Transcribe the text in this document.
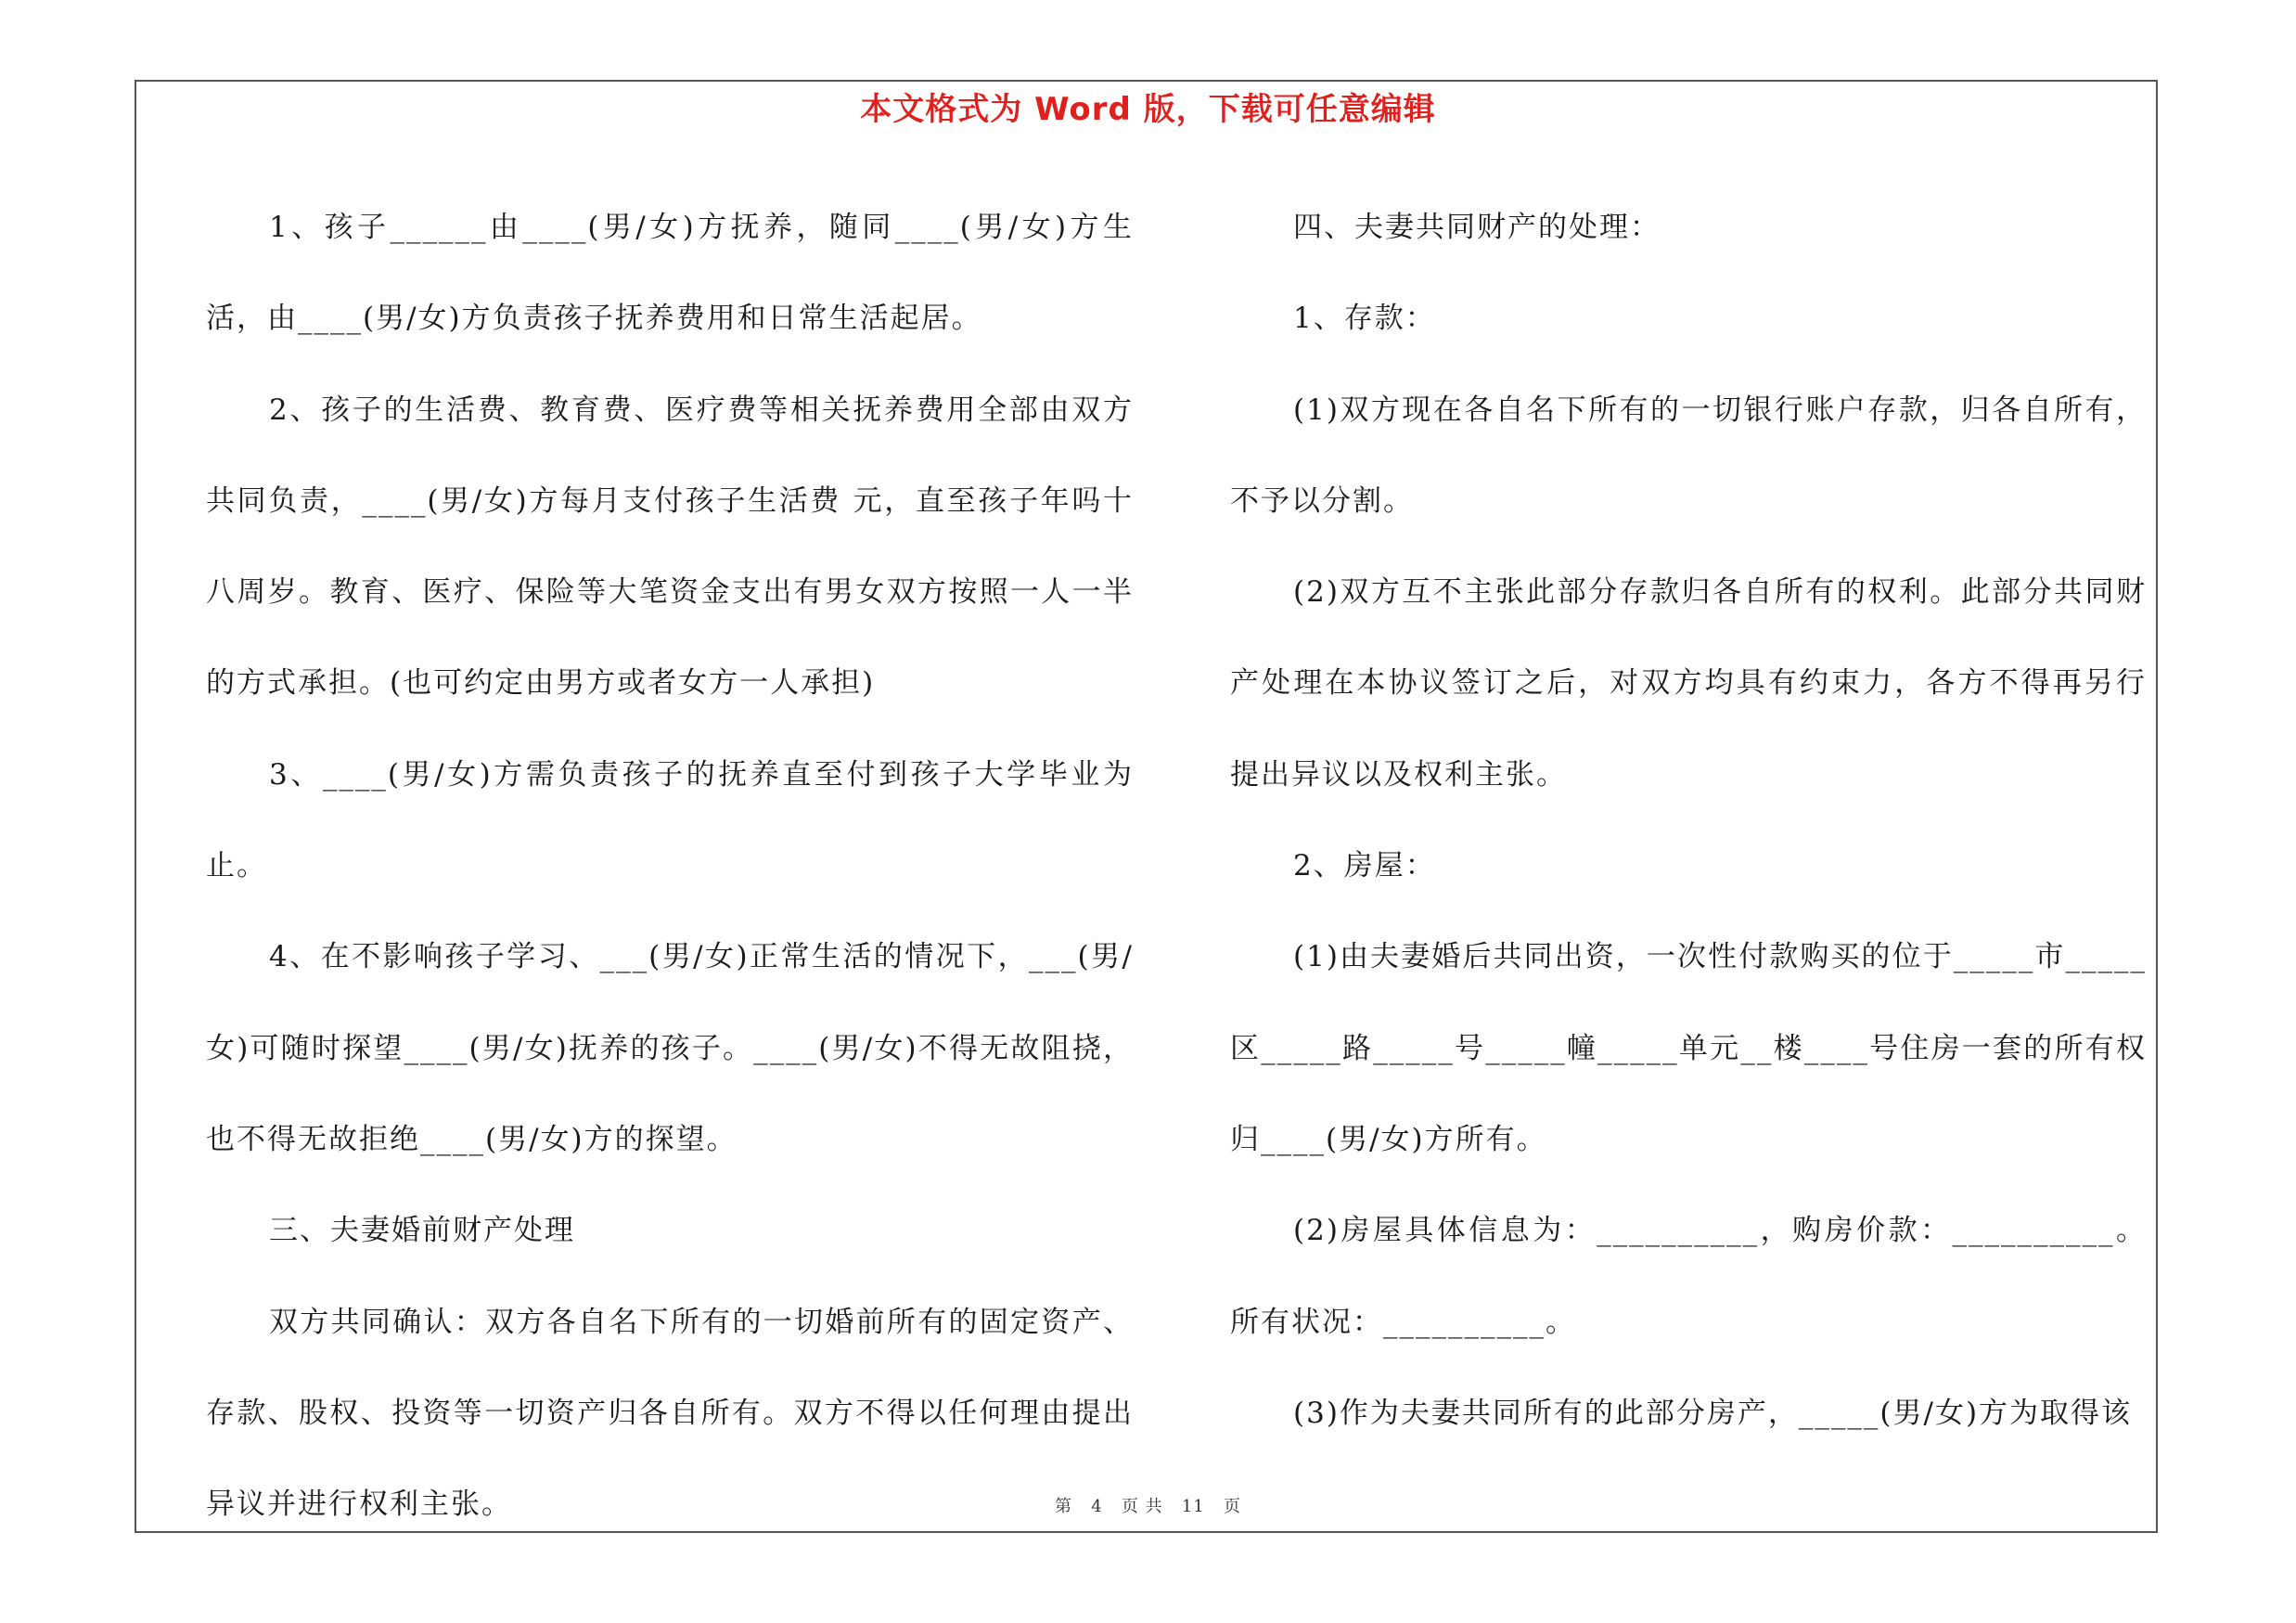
本文格式为 Word 版，下载可任意编辑

1、孩子______由____(男/女)方抚养，随同____(男/女)方生活，由____(男/女)方负责孩子抚养费用和日常生活起居。

2、孩子的生活费、教育费、医疗费等相关抚养费用全部由双方共同负责，____(男/女)方每月支付孩子生活费 元，直至孩子年吗十八周岁。教育、医疗、保险等大笔资金支出有男女双方按照一人一半的方式承担。(也可约定由男方或者女方一人承担)

3、____(男/女)方需负责孩子的抚养直至付到孩子大学毕业为止。

4、在不影响孩子学习、___(男/女)正常生活的情况下，___(男/女)可随时探望____(男/女)抚养的孩子。____(男/女)不得无故阻挠，也不得无故拒绝____(男/女)方的探望。

三、夫妻婚前财产处理

双方共同确认：双方各自名下所有的一切婚前所有的固定资产、存款、股权、投资等一切资产归各自所有。双方不得以任何理由提出异议并进行权利主张。

四、夫妻共同财产的处理：

1、存款：

(1)双方现在各自名下所有的一切银行账户存款，归各自所有，不予以分割。

(2)双方互不主张此部分存款归各自所有的权利。此部分共同财产处理在本协议签订之后，对双方均具有约束力，各方不得再另行提出异议以及权利主张。

2、房屋：

(1)由夫妻婚后共同出资，一次性付款购买的位于_____市_____区_____路_____号_____幢_____单元__楼____号住房一套的所有权归____(男/女)方所有。

(2)房屋具体信息为：__________，购房价款：__________。所有状况：__________。

(3)作为夫妻共同所有的此部分房产，_____(男/女)方为取得该

第 4 页 共 11 页
